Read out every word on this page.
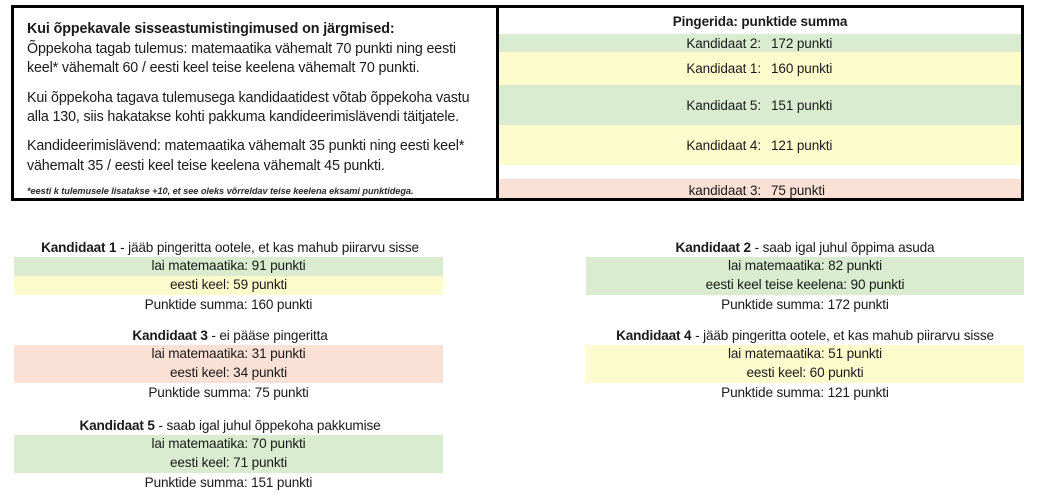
Kui õppekavale sisseastumistingimused on järgmised:

Õppekoha tagab tulemus: matemaatika vähemalt 70 punkti ning eesti keel* vähemalt 60 / eesti keel teise keelena vähemalt 70 punkti.

Kui õppekoha tagava tulemusega kandidaatidest võtab õppekoha vastu alla 130, siis hakatakse kohti pakkuma kandideerimislävendi täitjatele.

Kandideerimislävend: matemaatika vähemalt 35 punkti ning eesti keel* vähemalt 35 / eesti keel teise keelena vähemalt 45 punkti.

*eesti k tulemusele lisatakse +10, et see oleks võrreldav teise keelena eksami punktidega.

Pingerida: punktide summa
Kandidaat 2: 172 punkti
Kandidaat 1: 160 punkti
Kandidaat 5: 151 punkti
Kandidaat 4: 121 punkti
kandidaat 3: 75 punkti
Kandidaat 1 - jääb pingeritta ootele, et kas mahub piirarvu sisse
lai matemaatika: 91 punkti
eesti keel: 59 punkti
Punktide summa: 160 punkti
Kandidaat 2 - saab igal juhul õppima asuda
lai matemaatika: 82 punkti
eesti keel teise keelena: 90 punkti
Punktide summa: 172 punkti
Kandidaat 3 - ei pääse pingeritta
lai matemaatika: 31 punkti
eesti keel: 34 punkti
Punktide summa: 75 punkti
Kandidaat 4 - jääb pingeritta ootele, et kas mahub piirarvu sisse
lai matemaatika: 51 punkti
eesti keel: 60 punkti
Punktide summa: 121 punkti
Kandidaat 5 - saab igal juhul õppekoha pakkumise
lai matemaatika: 70 punkti
eesti keel: 71 punkti
Punktide summa: 151 punkti
